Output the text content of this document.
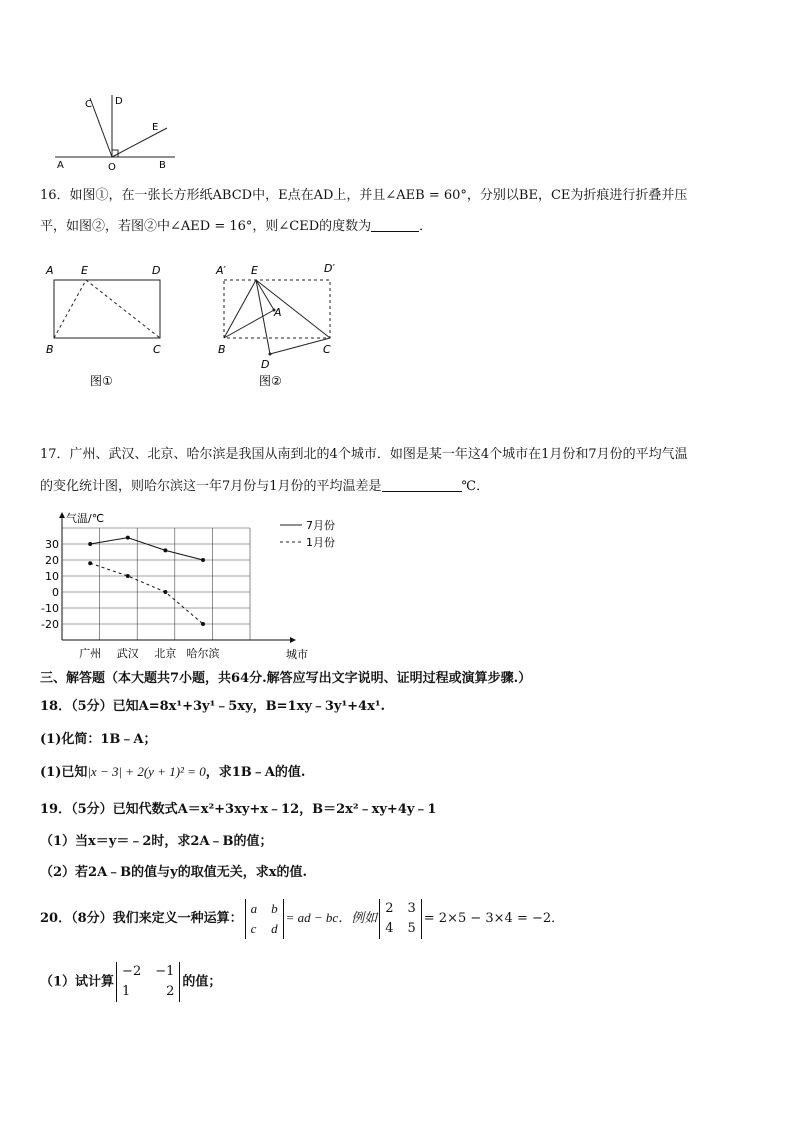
C D
E
A	O	B
16．如图①，在一张长方形纸ABCD中，E点在AD上，并且∠AEB = 60°，分别以BE，CE为折痕进行折叠并压
平，如图②，若图②中∠AED = 16°，则∠CED的度数为	．
A E	D
B	C
图①
A′ E	D′
A
B	C
D
图②
17．广州、武汉、北京、哈尔滨是我国从南到北的4个城市．如图是某一年这4个城市在1月份和7月份的平均气温
的变化统计图，则哈尔滨这一年7月份与1月份的平均温差是	℃．
30
20
10
0
-10
-20
广州 武汉 北京 哈尔滨
气温/℃
城市
7月份
1月份
三、解答题（本大题共7小题，共64分.解答应写出文字说明、证明过程或演算步骤.）
18．（5分）已知A=8x¹+3y¹﹣5xy，B=1xy﹣3y¹+4x¹.
(1)化简：1B﹣A；
(1)已知|x − 3| + 2(y + 1)² = 0，求1B﹣A的值.
19．（5分）已知代数式A＝x²+3xy+x﹣12，B＝2x²﹣xy+4y﹣1
（1）当x＝y＝﹣2时，求2A﹣B的值；
（2）若2A﹣B的值与y的取值无关，求x的值.
20．（8分）我们来定义一种运算：
a b
c d
= ad − bc．例如
2 3
4 5
= 2×5 − 3×4 = −2．
（1）试计算
−2 −1
1	2
的值；
